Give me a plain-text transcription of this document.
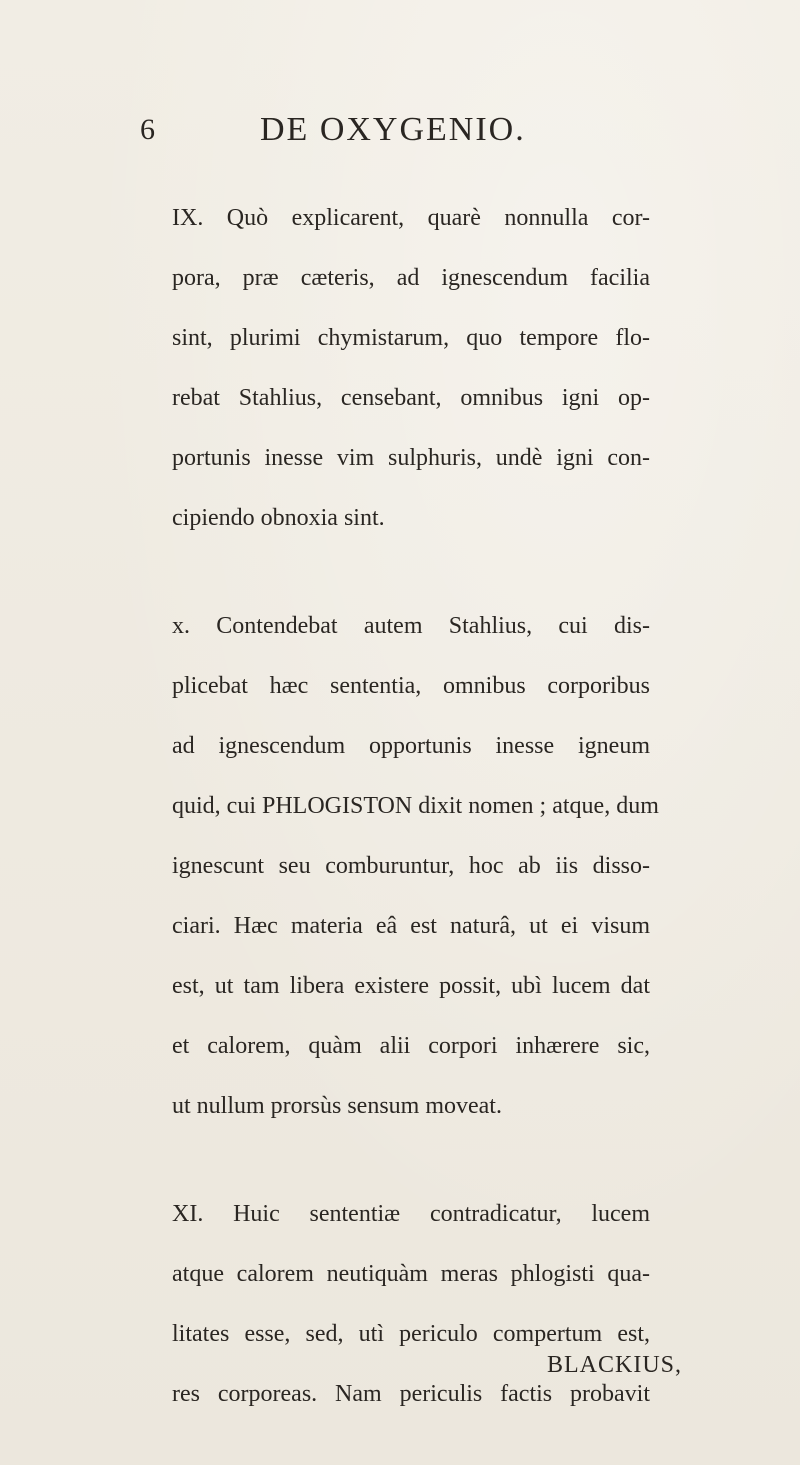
6	DE OXYGENIO.
IX. Quò explicarent, quarè nonnulla cor-
pora, præ cæteris, ad ignescendum facilia
sint, plurimi chymistarum, quo tempore flo-
rebat Stahlius, censebant, omnibus igni op-
portunis inesse vim sulphuris, undè igni con-
cipiendo obnoxia sint.
x. Contendebat autem Stahlius, cui dis-
plicebat hæc sententia, omnibus corporibus
ad ignescendum opportunis inesse igneum
quid, cui PHLOGISTON dixit nomen ; atque, dum
ignescunt seu comburuntur, hoc ab iis disso-
ciari. Hæc materia eâ est naturâ, ut ei visum
est, ut tam libera existere possit, ubì lucem dat
et calorem, quàm alii corpori inhærere sic,
ut nullum prorsùs sensum moveat.
XI. Huic sententiæ contradicatur, lucem
atque calorem neutiquàm meras phlogisti qua-
litates esse, sed, utì periculo compertum est,
res corporeas. Nam periculis factis probavit
BLACKIUS,
